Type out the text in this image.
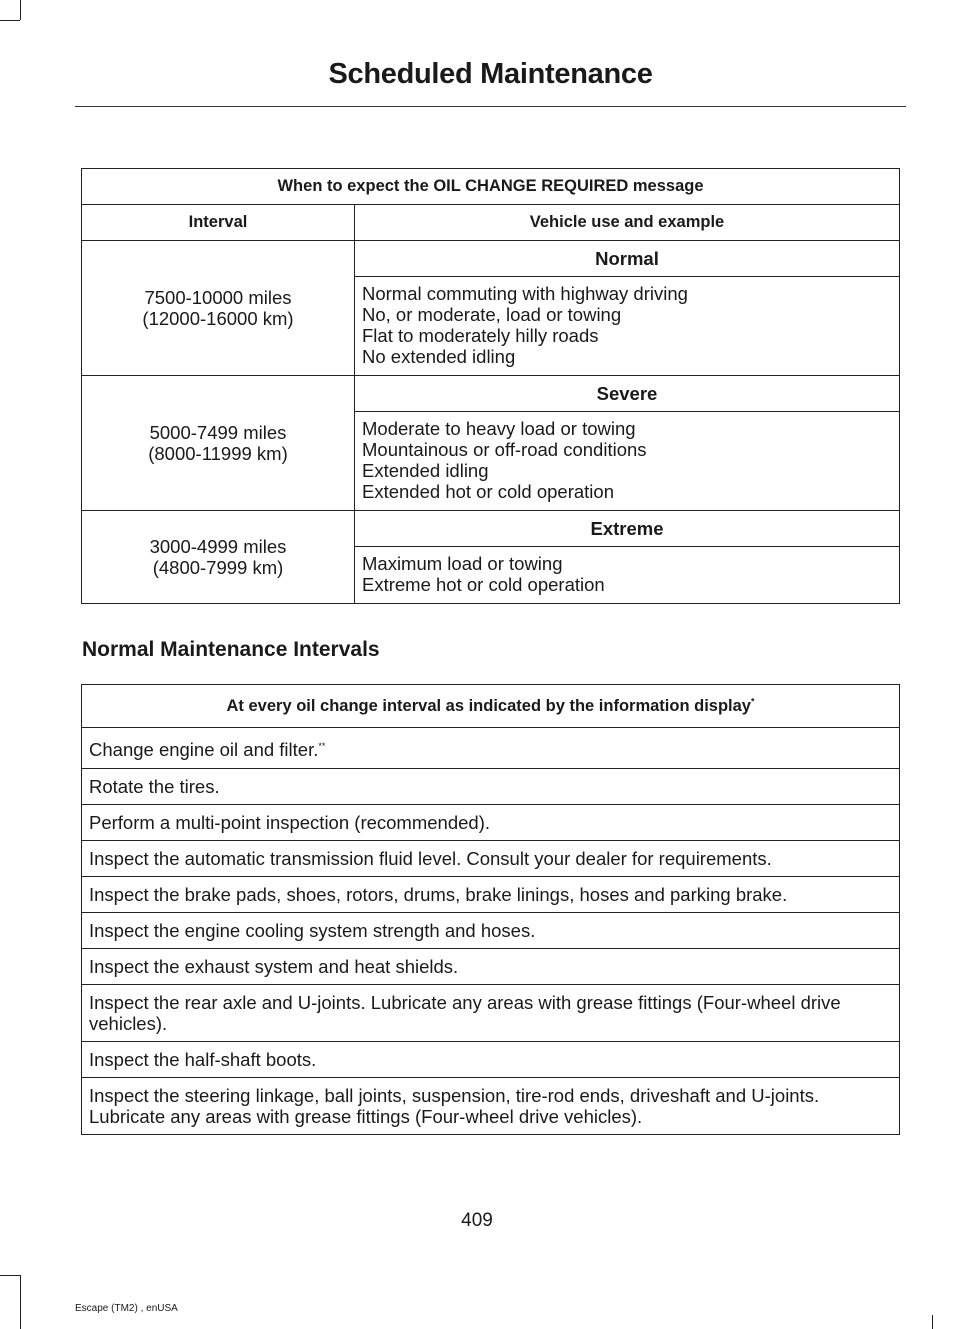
Scheduled Maintenance
When to expect the OIL CHANGE REQUIRED message	
Interval	Vehicle use and example

7500-10000 miles
(12000-16000 km)	Normal

	Normal commuting with highway driving
No, or moderate, load or towing
Flat to moderately hilly roads
No extended idling

5000-7499 miles
(8000-11999 km)	Severe

	Moderate to heavy load or towing
Mountainous or off-road conditions
Extended idling
Extended hot or cold operation

3000-4999 miles
(4800-7999 km)	Extreme

	Maximum load or towing
Extreme hot or cold operation
Normal Maintenance Intervals
At every oil change interval as indicated by the information display*
Change engine oil and filter.**
Rotate the tires.
Perform a multi-point inspection (recommended).
Inspect the automatic transmission fluid level. Consult your dealer for requirements.
Inspect the brake pads, shoes, rotors, drums, brake linings, hoses and parking brake.
Inspect the engine cooling system strength and hoses.
Inspect the exhaust system and heat shields.
Inspect the rear axle and U-joints. Lubricate any areas with grease fittings (Four-wheel drive vehicles).
Inspect the half-shaft boots.
Inspect the steering linkage, ball joints, suspension, tire-rod ends, driveshaft and U-joints. Lubricate any areas with grease fittings (Four-wheel drive vehicles).
409
Escape (TM2) , enUSA
